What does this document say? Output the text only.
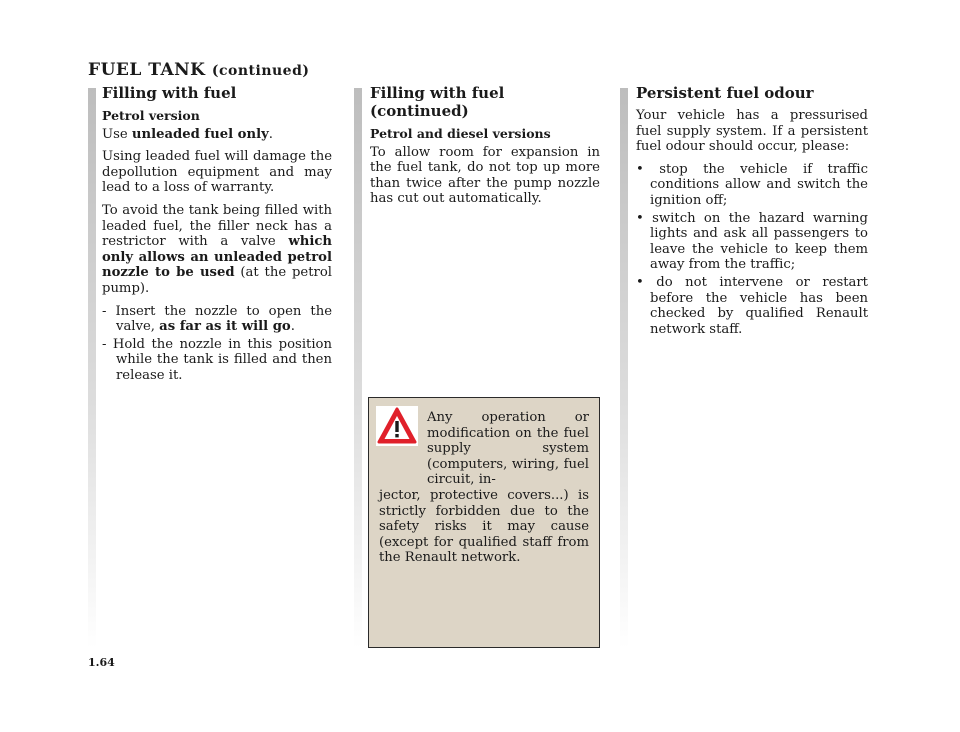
FUEL TANK (continued)
Filling with fuel
Petrol version

Use unleaded fuel only.

Using leaded fuel will damage the depollution equipment and may lead to a loss of warranty.

To avoid the tank being filled with leaded fuel, the filler neck has a restrictor with a valve which only allows an unleaded petrol nozzle to be used (at the petrol pump).

- Insert the nozzle to open the valve, as far as it will go.
- Hold the nozzle in this position while the tank is filled and then release it.
Filling with fuel (continued)
Petrol and diesel versions

To allow room for expansion in the fuel tank, do not top up more than twice after the pump nozzle has cut out automatically.

Any operation or modification on the fuel supply system (computers, wiring, fuel circuit, in-
jector, protective covers...) is strictly forbidden due to the safety risks it may cause (except for qualified staff from the Renault network.
Persistent fuel odour

Your vehicle has a pressurised fuel supply system. If a persistent fuel odour should occur, please:

• stop the vehicle if traffic conditions allow and switch the ignition off;
• switch on the hazard warning lights and ask all passengers to leave the vehicle to keep them away from the traffic;
• do not intervene or restart before the vehicle has been checked by qualified Renault network staff.
1.64
